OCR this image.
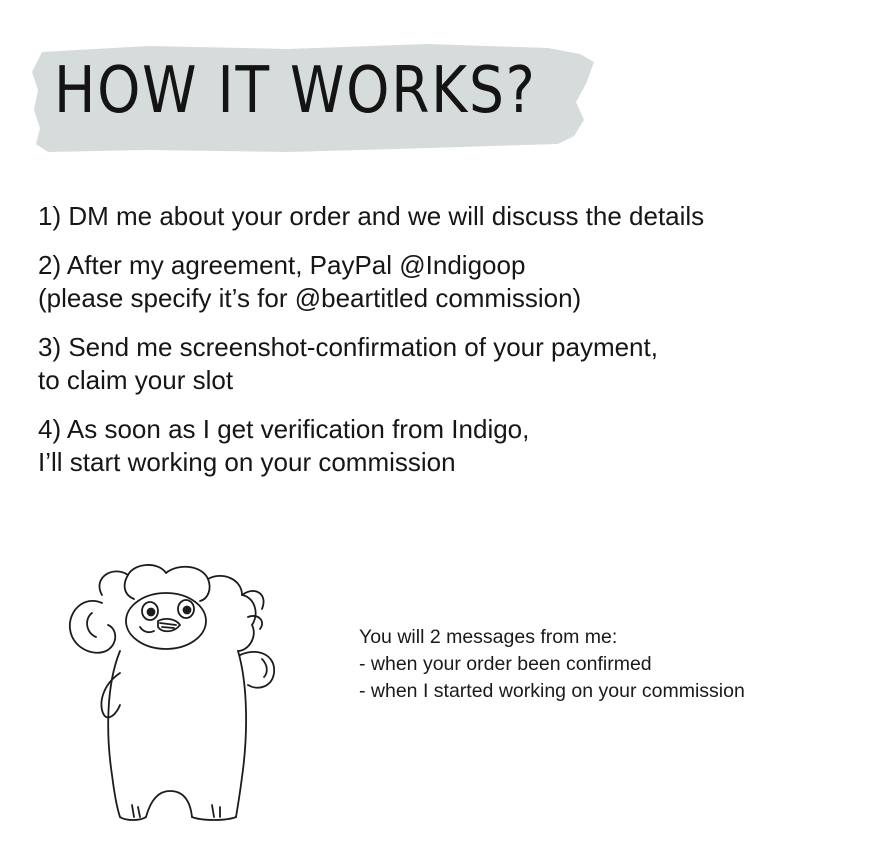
HOW IT WORKS?
1) DM me about your order and we will discuss the details
2) After my agreement, PayPal @Indigoop
(please specify it’s for @beartitled commission)
3) Send me screenshot-confirmation of your payment,
to claim your slot
4) As soon as I get verification from Indigo,
I’ll start working on your commission
You will 2 messages from me:
- when your order been confirmed
- when I started working on your commission
